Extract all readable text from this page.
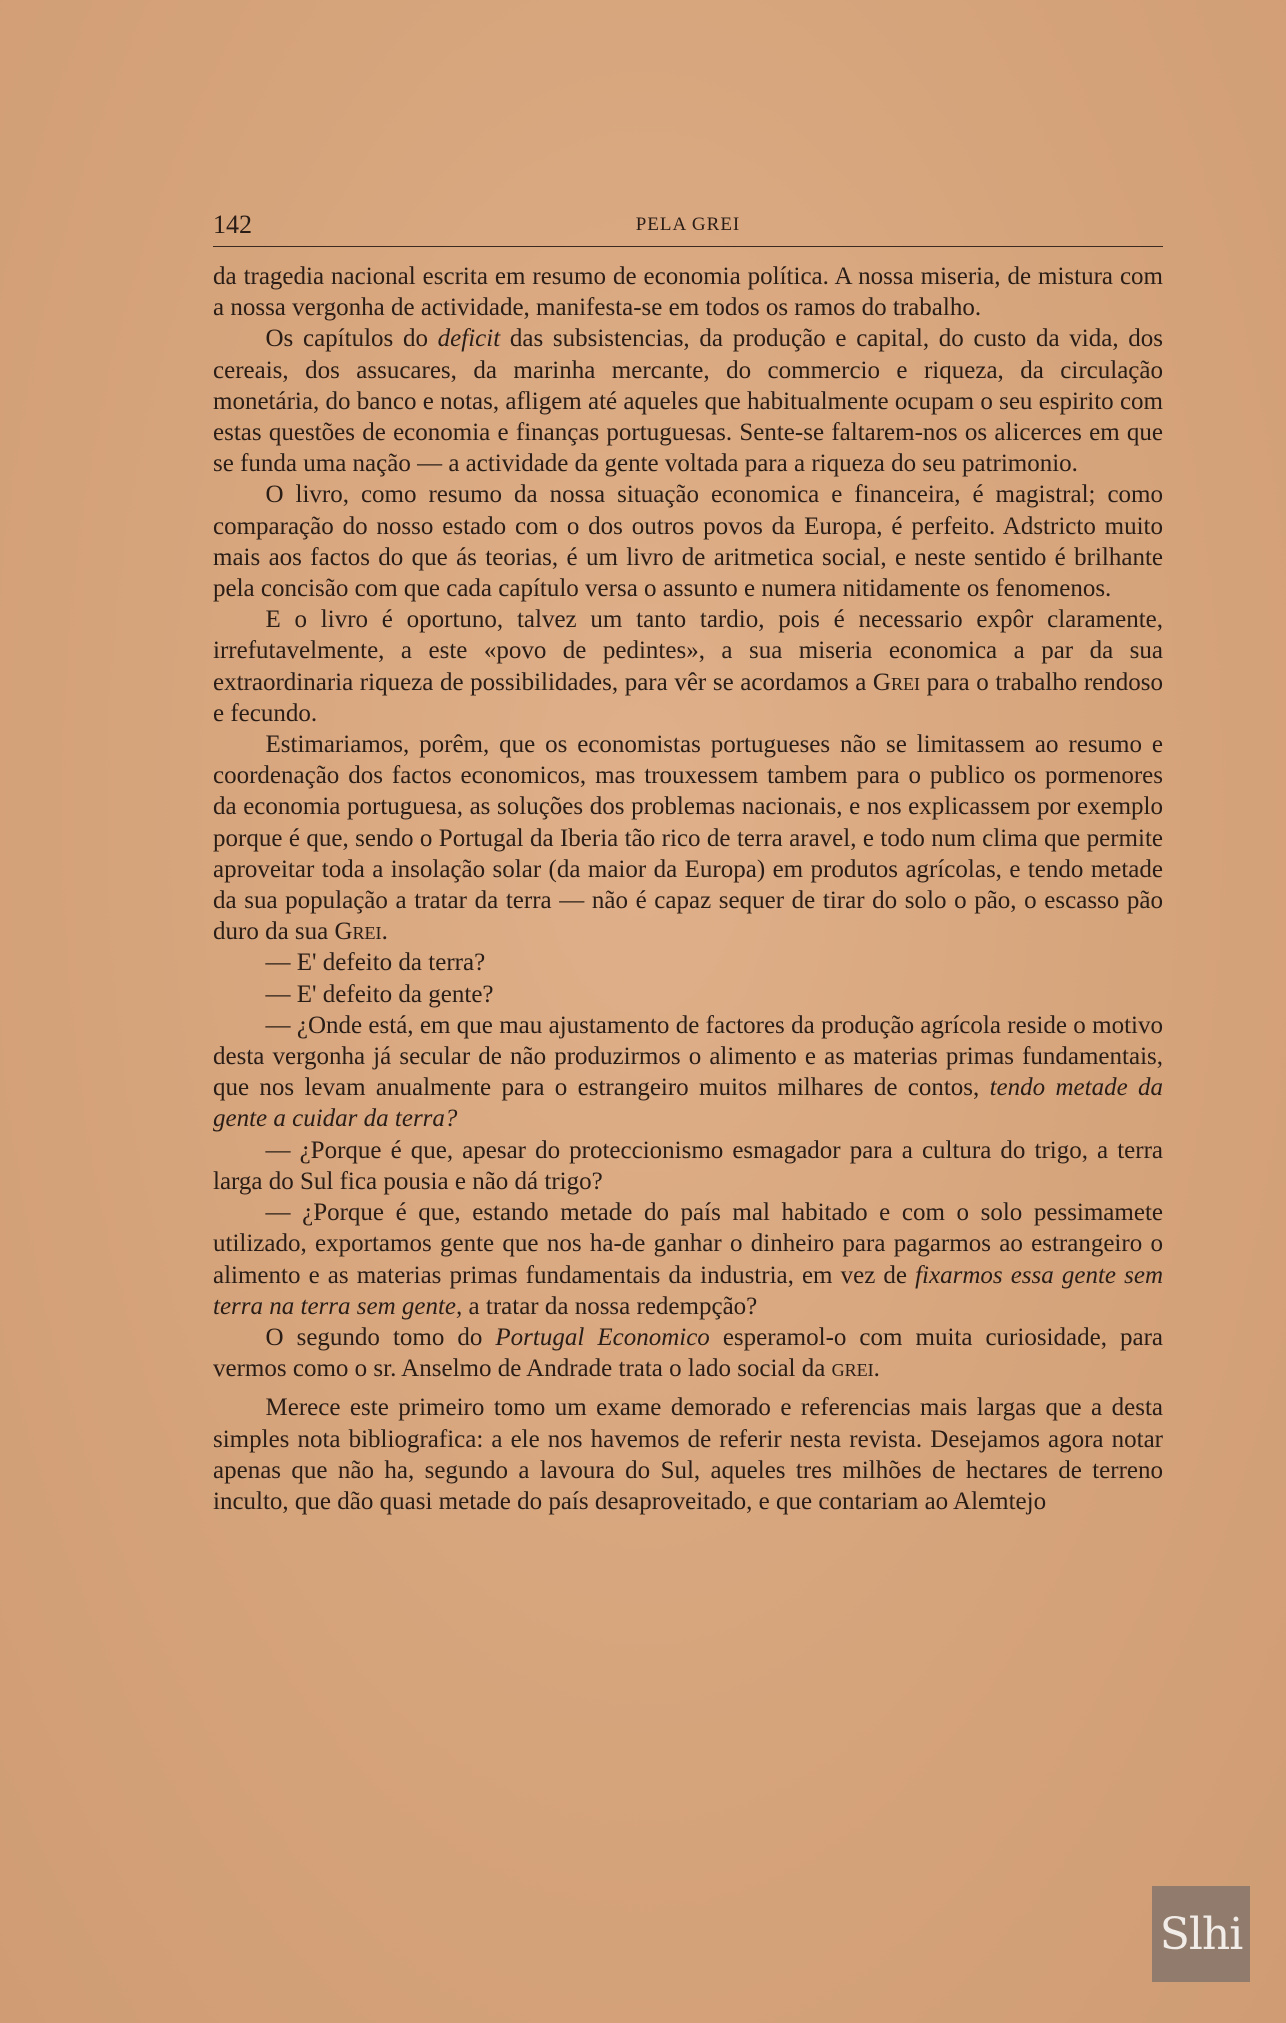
142	PELA GREI

da tragedia nacional escrita em resumo de economia política. A nossa miseria, de mistura com a nossa vergonha de actividade, manifesta-se em todos os ramos do trabalho.

Os capítulos do deficit das subsistencias, da produção e capital, do custo da vida, dos cereais, dos assucares, da marinha mercante, do commercio e riqueza, da circulação monetária, do banco e notas, afligem até aqueles que habitualmente ocupam o seu espirito com estas questões de economia e finanças portuguesas. Sente-se faltarem-nos os alicerces em que se funda uma nação — a actividade da gente voltada para a riqueza do seu patrimonio.

O livro, como resumo da nossa situação economica e financeira, é magistral; como comparação do nosso estado com o dos outros povos da Europa, é perfeito. Adstricto muito mais aos factos do que ás teorias, é um livro de aritmetica social, e neste sentido é brilhante pela concisão com que cada capítulo versa o assunto e numera nitidamente os fenomenos.

E o livro é oportuno, talvez um tanto tardio, pois é necessario expôr claramente, irrefutavelmente, a este «povo de pedintes», a sua miseria economica a par da sua extraordinaria riqueza de possibilidades, para vêr se acordamos a Grei para o trabalho rendoso e fecundo.

Estimariamos, porêm, que os economistas portugueses não se limitassem ao resumo e coordenação dos factos economicos, mas trouxessem tambem para o publico os pormenores da economia portuguesa, as soluções dos problemas nacionais, e nos explicassem por exemplo porque é que, sendo o Portugal da Iberia tão rico de terra aravel, e todo num clima que permite aproveitar toda a insolação solar (da maior da Europa) em produtos agrícolas, e tendo metade da sua população a tratar da terra — não é capaz sequer de tirar do solo o pão, o escasso pão duro da sua Grei.

— E' defeito da terra?

— E' defeito da gente?

— ¿Onde está, em que mau ajustamento de factores da produção agrícola reside o motivo desta vergonha já secular de não produzirmos o alimento e as materias primas fundamentais, que nos levam anualmente para o estrangeiro muitos milhares de contos, tendo metade da gente a cuidar da terra?

— ¿Porque é que, apesar do proteccionismo esmagador para a cultura do trigo, a terra larga do Sul fica pousia e não dá trigo?

— ¿Porque é que, estando metade do país mal habitado e com o solo pessimamete utilizado, exportamos gente que nos ha-de ganhar o dinheiro para pagarmos ao estrangeiro o alimento e as materias primas fundamentais da industria, em vez de fixarmos essa gente sem terra na terra sem gente, a tratar da nossa redempção?

O segundo tomo do Portugal Economico esperamol-o com muita curiosidade, para vermos como o sr. Anselmo de Andrade trata o lado social da grei.

Merece este primeiro tomo um exame demorado e referencias mais largas que a desta simples nota bibliografica: a ele nos havemos de referir nesta revista. Desejamos agora notar apenas que não ha, segundo a lavoura do Sul, aqueles tres milhões de hectares de terreno inculto, que dão quasi metade do país desaproveitado, e que contariam ao Alemtejo

Slhi
